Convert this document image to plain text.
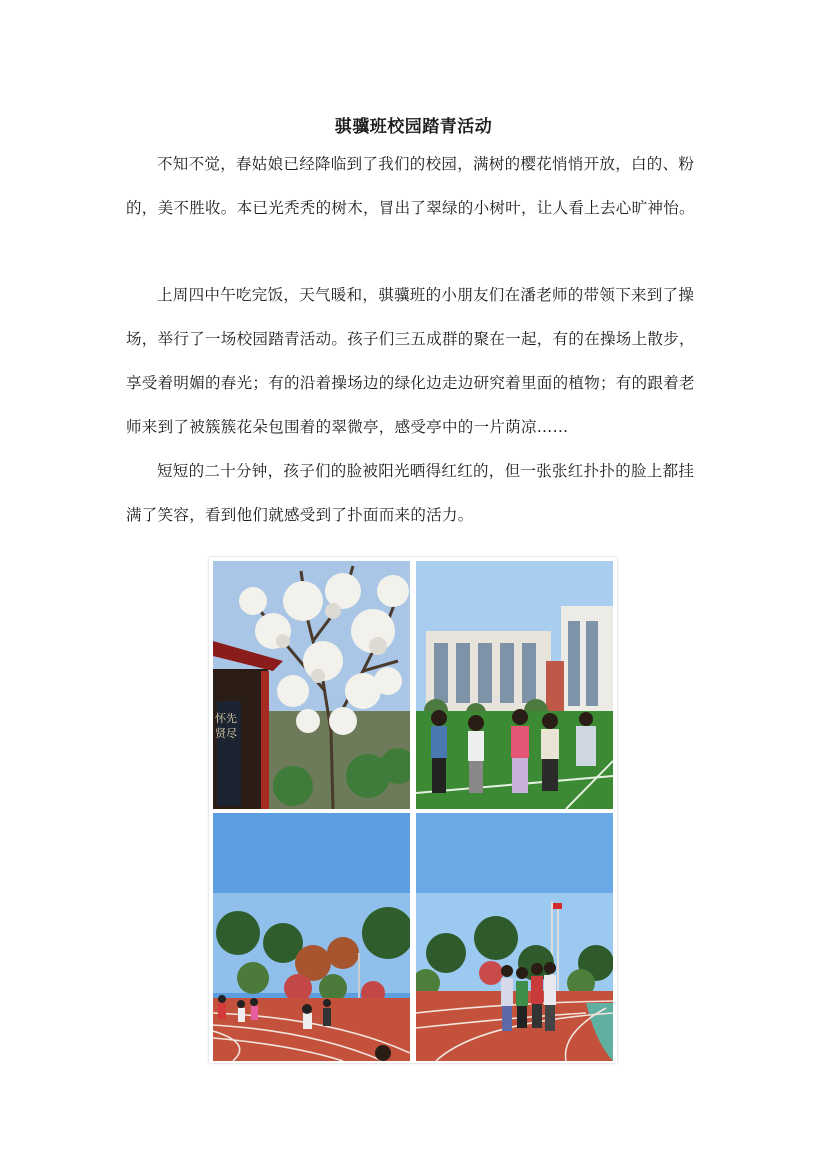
骐骥班校园踏青活动

不知不觉，春姑娘已经降临到了我们的校园，满树的樱花悄悄开放，白的、粉的，美不胜收。本已光秃秃的树木，冒出了翠绿的小树叶，让人看上去心旷神怡。

上周四中午吃完饭，天气暖和，骐骥班的小朋友们在潘老师的带领下来到了操场，举行了一场校园踏青活动。孩子们三五成群的聚在一起，有的在操场上散步，享受着明媚的春光；有的沿着操场边的绿化边走边研究着里面的植物；有的跟着老师来到了被簇簇花朵包围着的翠微亭，感受亭中的一片荫凉……

短短的二十分钟，孩子们的脸被阳光晒得红红的，但一张张红扑扑的脸上都挂满了笑容，看到他们就感受到了扑面而来的活力。

怀先贤尽
